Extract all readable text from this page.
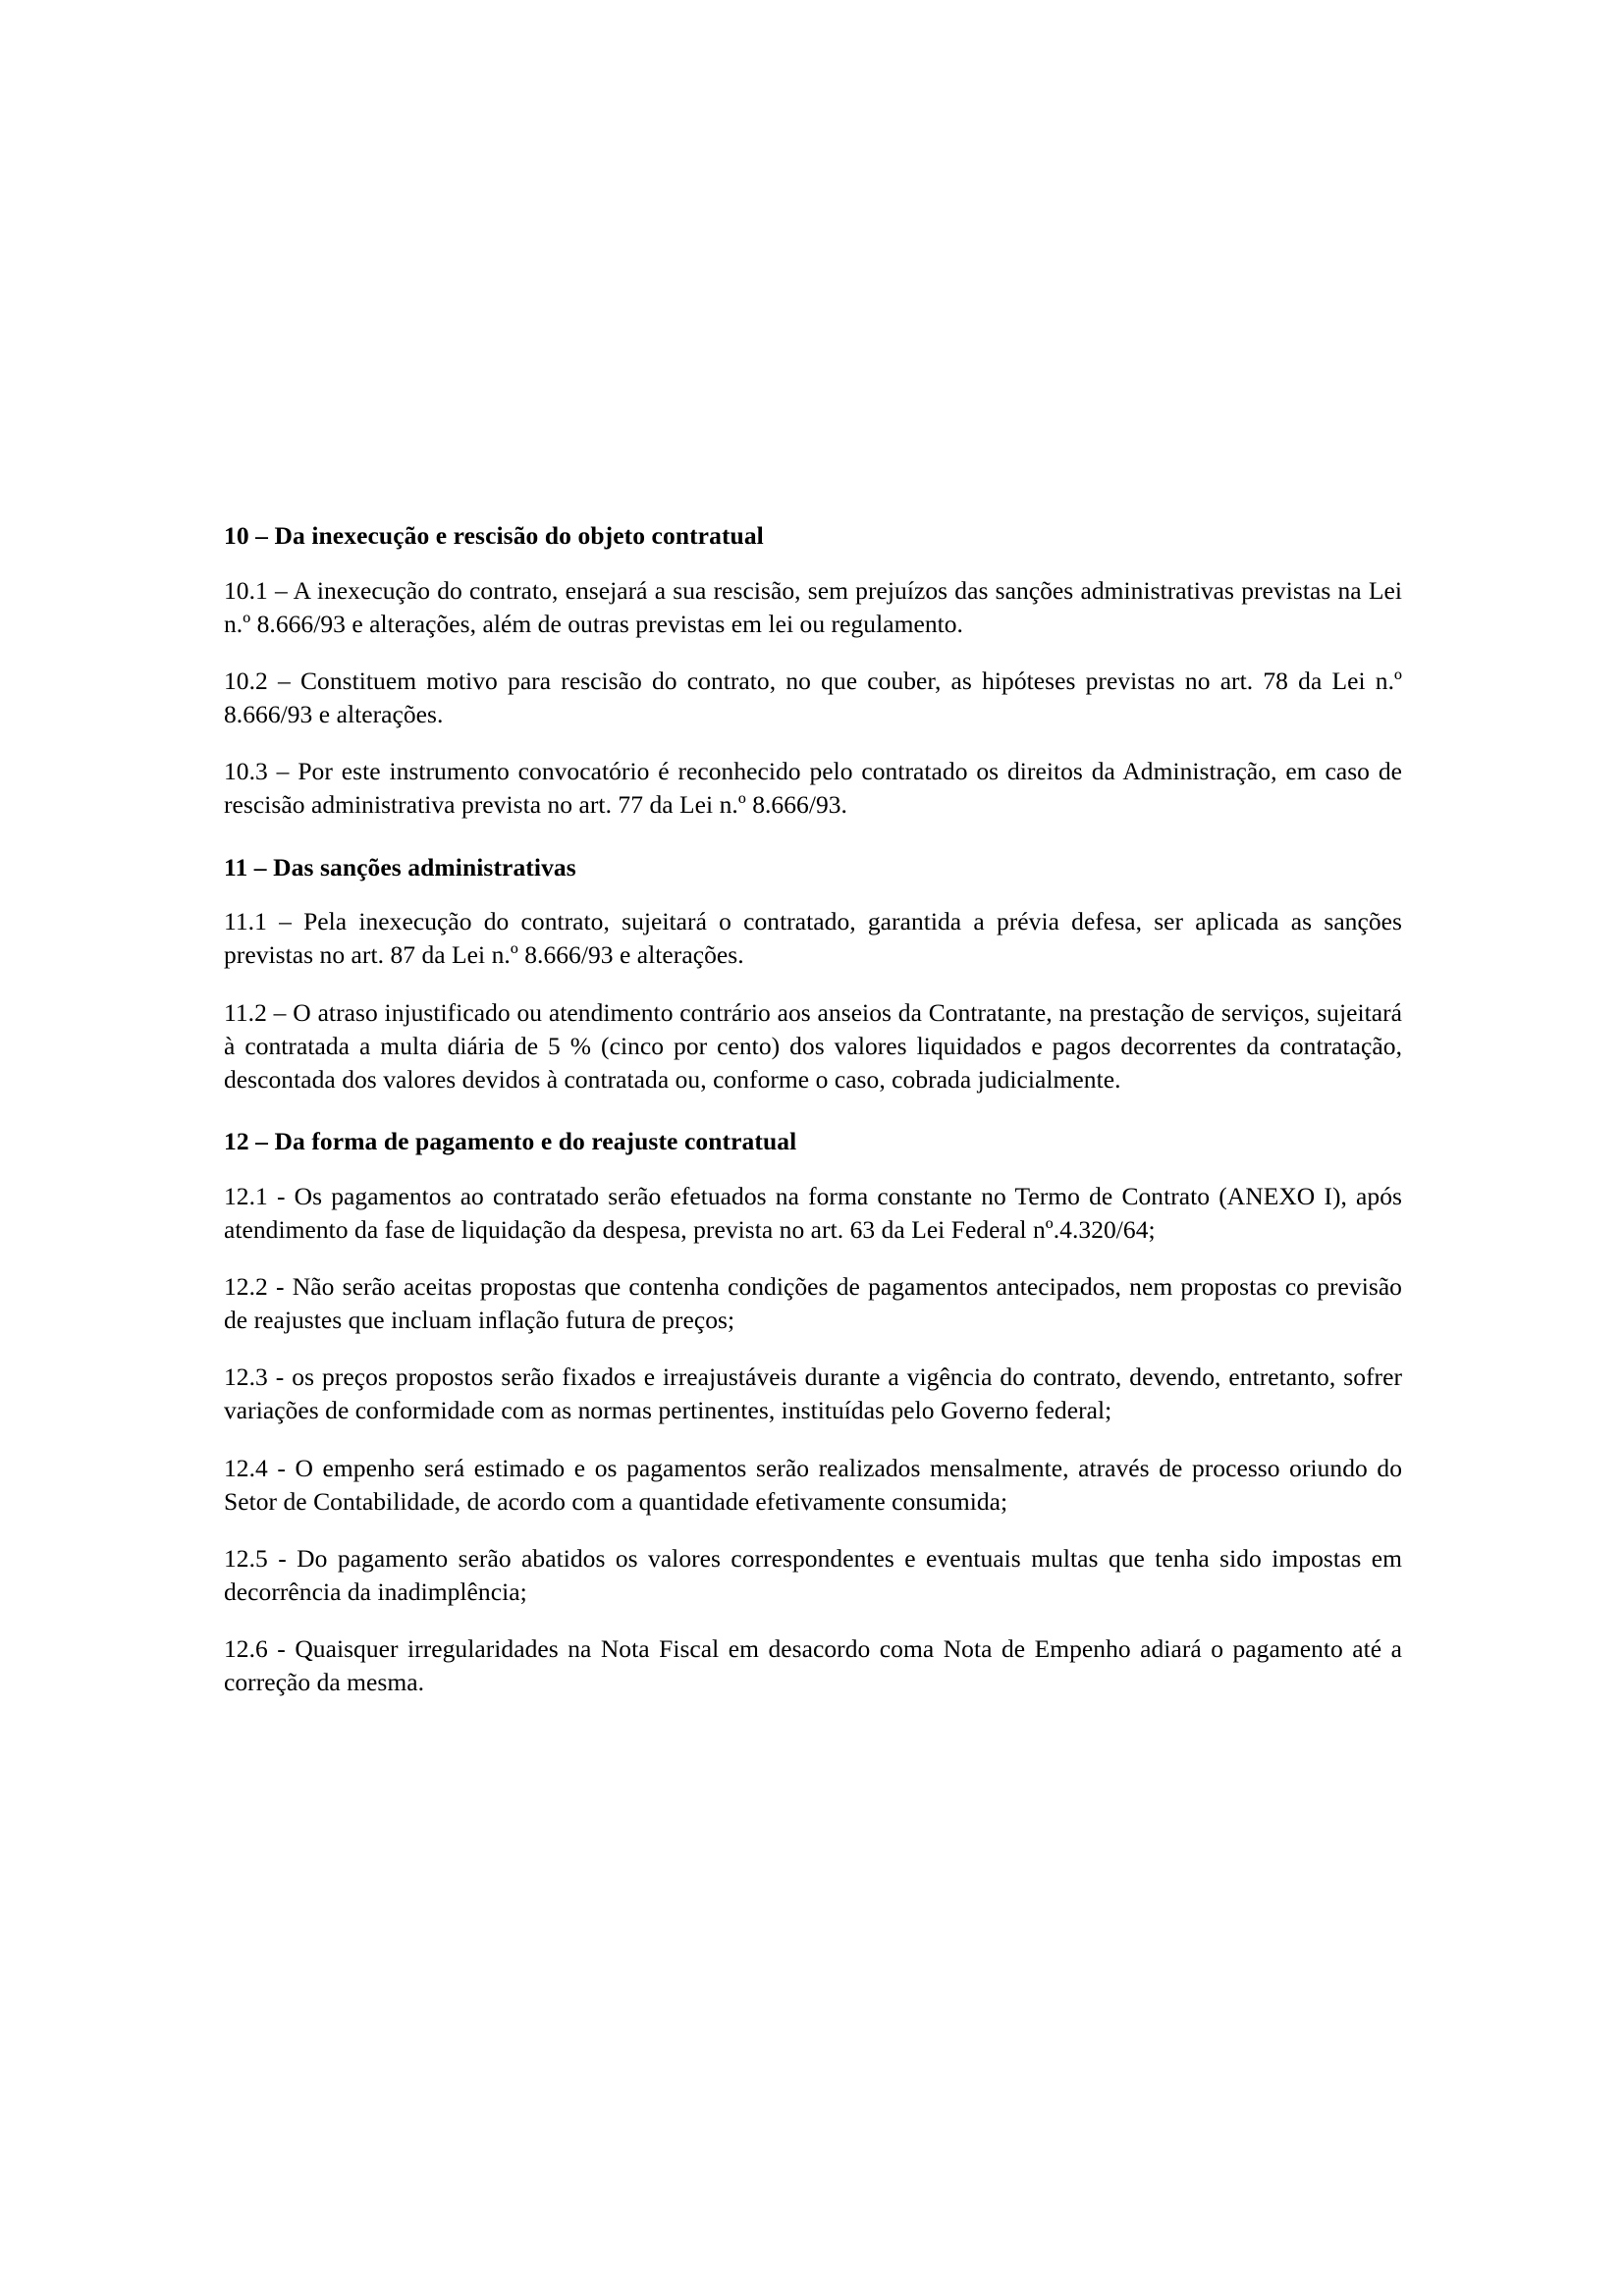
10 – Da inexecução e rescisão do objeto contratual

10.1 – A inexecução do contrato, ensejará a sua rescisão, sem prejuízos das sanções administrativas previstas na Lei n.º 8.666/93 e alterações, além de outras previstas em lei ou regulamento.

10.2 – Constituem motivo para rescisão do contrato, no que couber, as hipóteses previstas no art. 78 da Lei n.º 8.666/93 e alterações.

10.3 – Por este instrumento convocatório é reconhecido pelo contratado os direitos da Administração, em caso de rescisão administrativa prevista no art. 77 da Lei n.º 8.666/93.

11 – Das sanções administrativas

11.1 – Pela inexecução do contrato, sujeitará o contratado, garantida a prévia defesa, ser aplicada as sanções previstas no art. 87 da Lei n.º 8.666/93 e alterações.

11.2 – O atraso injustificado ou atendimento contrário aos anseios da Contratante, na prestação de serviços, sujeitará à contratada a multa diária de 5 % (cinco por cento) dos valores liquidados e pagos decorrentes da contratação, descontada dos valores devidos à contratada ou, conforme o caso, cobrada judicialmente.

12 – Da forma de pagamento e do reajuste contratual

12.1 - Os pagamentos ao contratado serão efetuados na forma constante no Termo de Contrato (ANEXO I), após atendimento da fase de liquidação da despesa, prevista no art. 63 da Lei Federal nº.4.320/64;

12.2 - Não serão aceitas propostas que contenha condições de pagamentos antecipados, nem propostas co previsão de reajustes que incluam inflação futura de preços;

12.3 - os preços propostos serão fixados e irreajustáveis durante a vigência do contrato, devendo, entretanto, sofrer variações de conformidade com as normas pertinentes, instituídas pelo Governo federal;

12.4 - O empenho será estimado e os pagamentos serão realizados mensalmente, através de processo oriundo do Setor de Contabilidade, de acordo com a quantidade efetivamente consumida;

12.5 - Do pagamento serão abatidos os valores correspondentes e eventuais multas que tenha sido impostas em decorrência da inadimplência;

12.6 - Quaisquer irregularidades na Nota Fiscal em desacordo coma Nota de Empenho adiará o pagamento até a correção da mesma.
